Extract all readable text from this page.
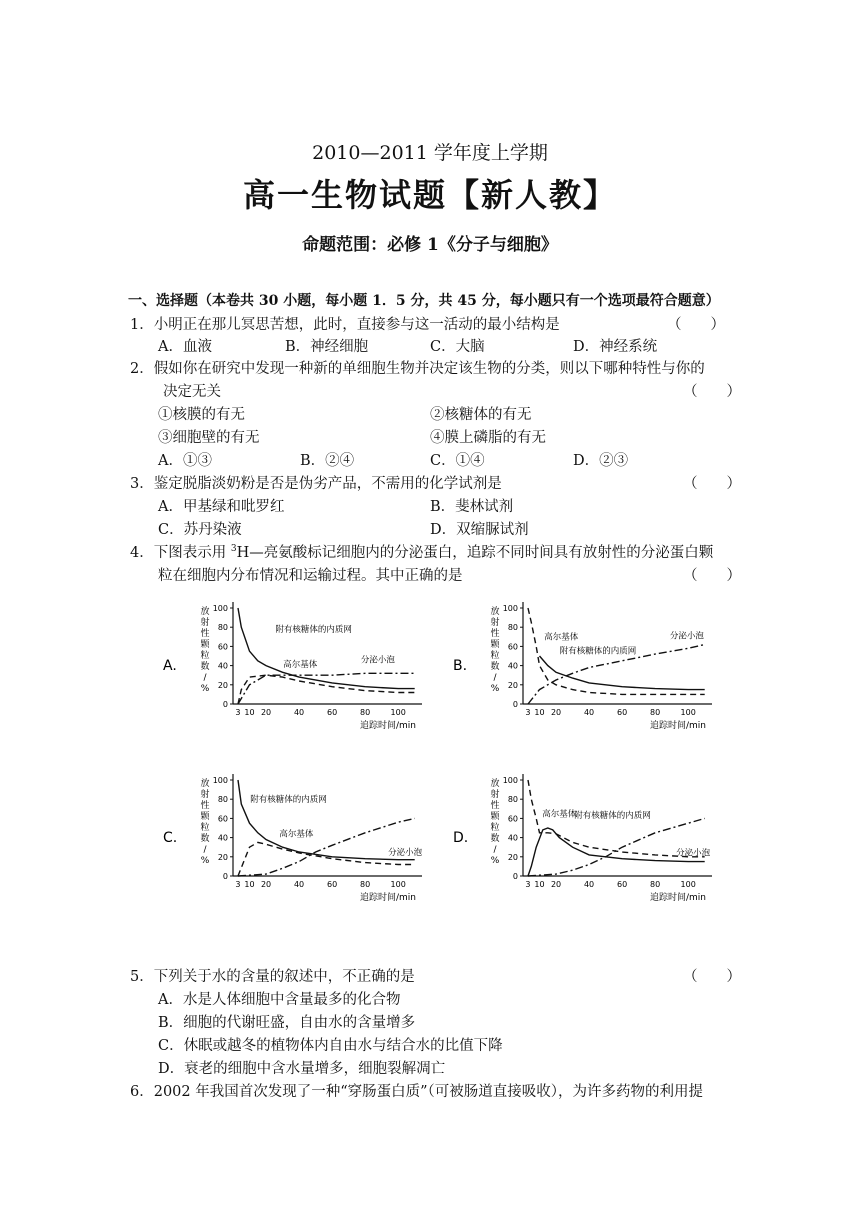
2010—2011 学年度上学期
高一生物试题【新人教】
命题范围：必修 1《分子与细胞》
一、选择题（本卷共 30 小题，每小题 1．5 分，共 45 分，每小题只有一个选项最符合题意）
1．小明正在那儿冥思苦想，此时，直接参与这一活动的最小结构是	（　　）
A．血液	B．神经细胞	C．大脑	D．神经系统
2．假如你在研究中发现一种新的单细胞生物并决定该生物的分类，则以下哪种特性与你的
决定无关	（　　）
①核膜的有无	②核糖体的有无
③细胞壁的有无	④膜上磷脂的有无
A．①③	B．②④	C．①④	D．②③
3．鉴定脱脂淡奶粉是否是伪劣产品，不需用的化学试剂是	（　　）
A．甲基绿和吡罗红	B．斐林试剂
C．苏丹染液	D．双缩脲试剂
4．下图表示用 $^3$H—亮氨酸标记细胞内的分泌蛋白，追踪不同时间具有放射性的分泌蛋白颗
粒在细胞内分布情况和运输过程。其中正确的是	（　　）
A.
0
20
40
60
80
100
3 10 20	40	60	80	100
放
射
性
颗
粒
数
/
%
追踪时间/min
附有核糖体的内质网
高尔基体	分泌小泡	B.
0
20
40
60
80
100
3 10 20	40	60	80	100
放
射
性
颗
粒
数
/
%
追踪时间/min
高尔基体
附有核糖体的内质网
分泌小泡
C.
0
20
40
60
80
100
3 10 20	40	60	80	100
放
射
性
颗
粒
数
/
%
追踪时间/min
附有核糖体的内质网
高尔基体
分泌小泡
D.
0
20
40
60
80
100
3 10 20	40	60	80	100
放
射
性
颗
粒
数
/
%
追踪时间/min
高尔基体
附有核糖体的内质网
分泌小泡
5．下列关于水的含量的叙述中，不正确的是	（　　）
A．水是人体细胞中含量最多的化合物
B．细胞的代谢旺盛，自由水的含量增多
C．休眠或越冬的植物体内自由水与结合水的比值下降
D．衰老的细胞中含水量增多，细胞裂解凋亡
6．2002 年我国首次发现了一种“穿肠蛋白质”（可被肠道直接吸收），为许多药物的利用提
